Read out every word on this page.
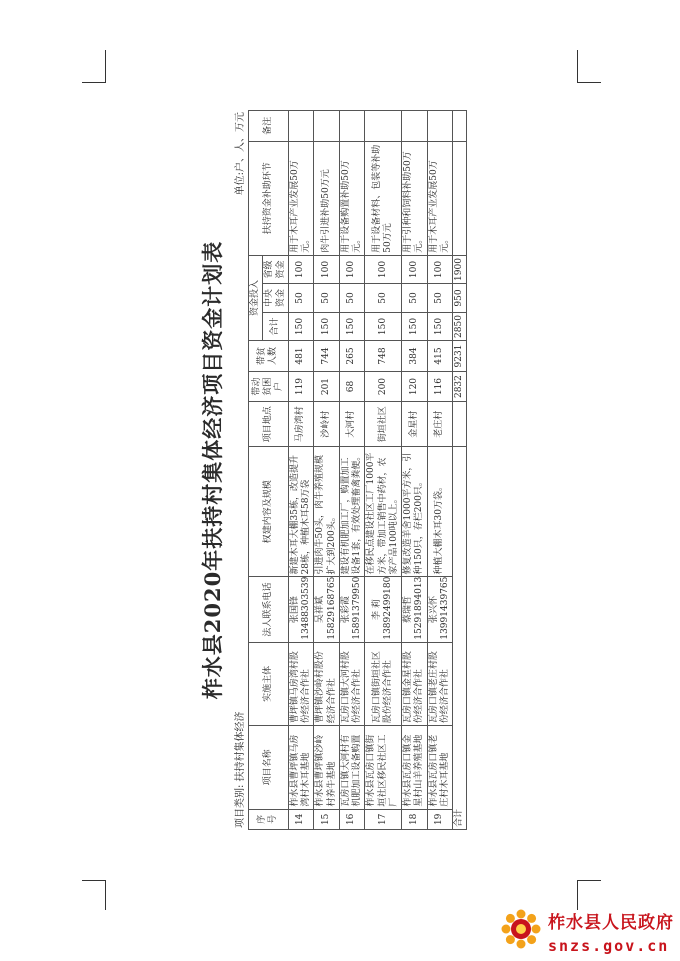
柞水县2020年扶持村集体经济项目资金计划表
项目类别: 扶持村集体经济
单位:户、人、万元
序号	项目名称	实施主体	法人联系电话	权建内容及规模	项目地点	带动贫困户	带贫人数	资金投入			扶持资金补助环节	备注
								合计	中央资金	省级资金		
14	柞水县曹坪镇马房湾村木耳基地	曹坪镇马房湾村股份经济合作社	张国锋 13488303539	新建木耳大棚35栋，改造提升28栋，种植木耳58万袋	马房湾村	119	481	150	50	100	用于木耳产业发展50万元。	
15	柞水县曹坪镇沙岭村养牛基地	曹坪镇沙岭村股份经济合作社	吴祥斌 15829168765	引进肉牛50头，肉牛养殖规模扩大到200头。	沙岭村	201	744	150	50	100	肉牛引进补助50万元	
16	瓦房口镇大河村有机肥加工设备购置	瓦房口镇大河村股份经济合作社	张彩霞 15891379950	建设有机肥加工厂，购置加工设备1套，有效处理畜禽粪便。	大河村	68	265	150	50	100	用于设备购置补助50万元。	
17	柞水县瓦房口镇街垣社区移民社区工厂	瓦房口镇街垣社区股份经济合作社	李 莉 13892499180	在移民点建设社区工厂1000平方米，带加工销售中药材，农家产品100吨以上。	街垣社区	200	748	150	50	100	用于设备材料、包装等补助50万元	
18	柞水县瓦房口镇金星村山羊养殖基地	瓦房口镇金星村股份经济合作社	蔡瑞哲 15291894013	修复改造羊舍1000平方米，引种150只，存栏200只。	金星村	120	384	150	50	100	用于引种和饲料补助50万元。	
19	柞水县瓦房口镇老庄村木耳基地	瓦房口镇老庄村股份经济合作社	张兴怀 13991439765	种植大棚木耳30万袋。	老庄村	116	415	150	50	100	用于木耳产业发展50万元。	
合计						2832	9231	2850	950	1900		
柞水县人民政府
snzs.gov.cn
